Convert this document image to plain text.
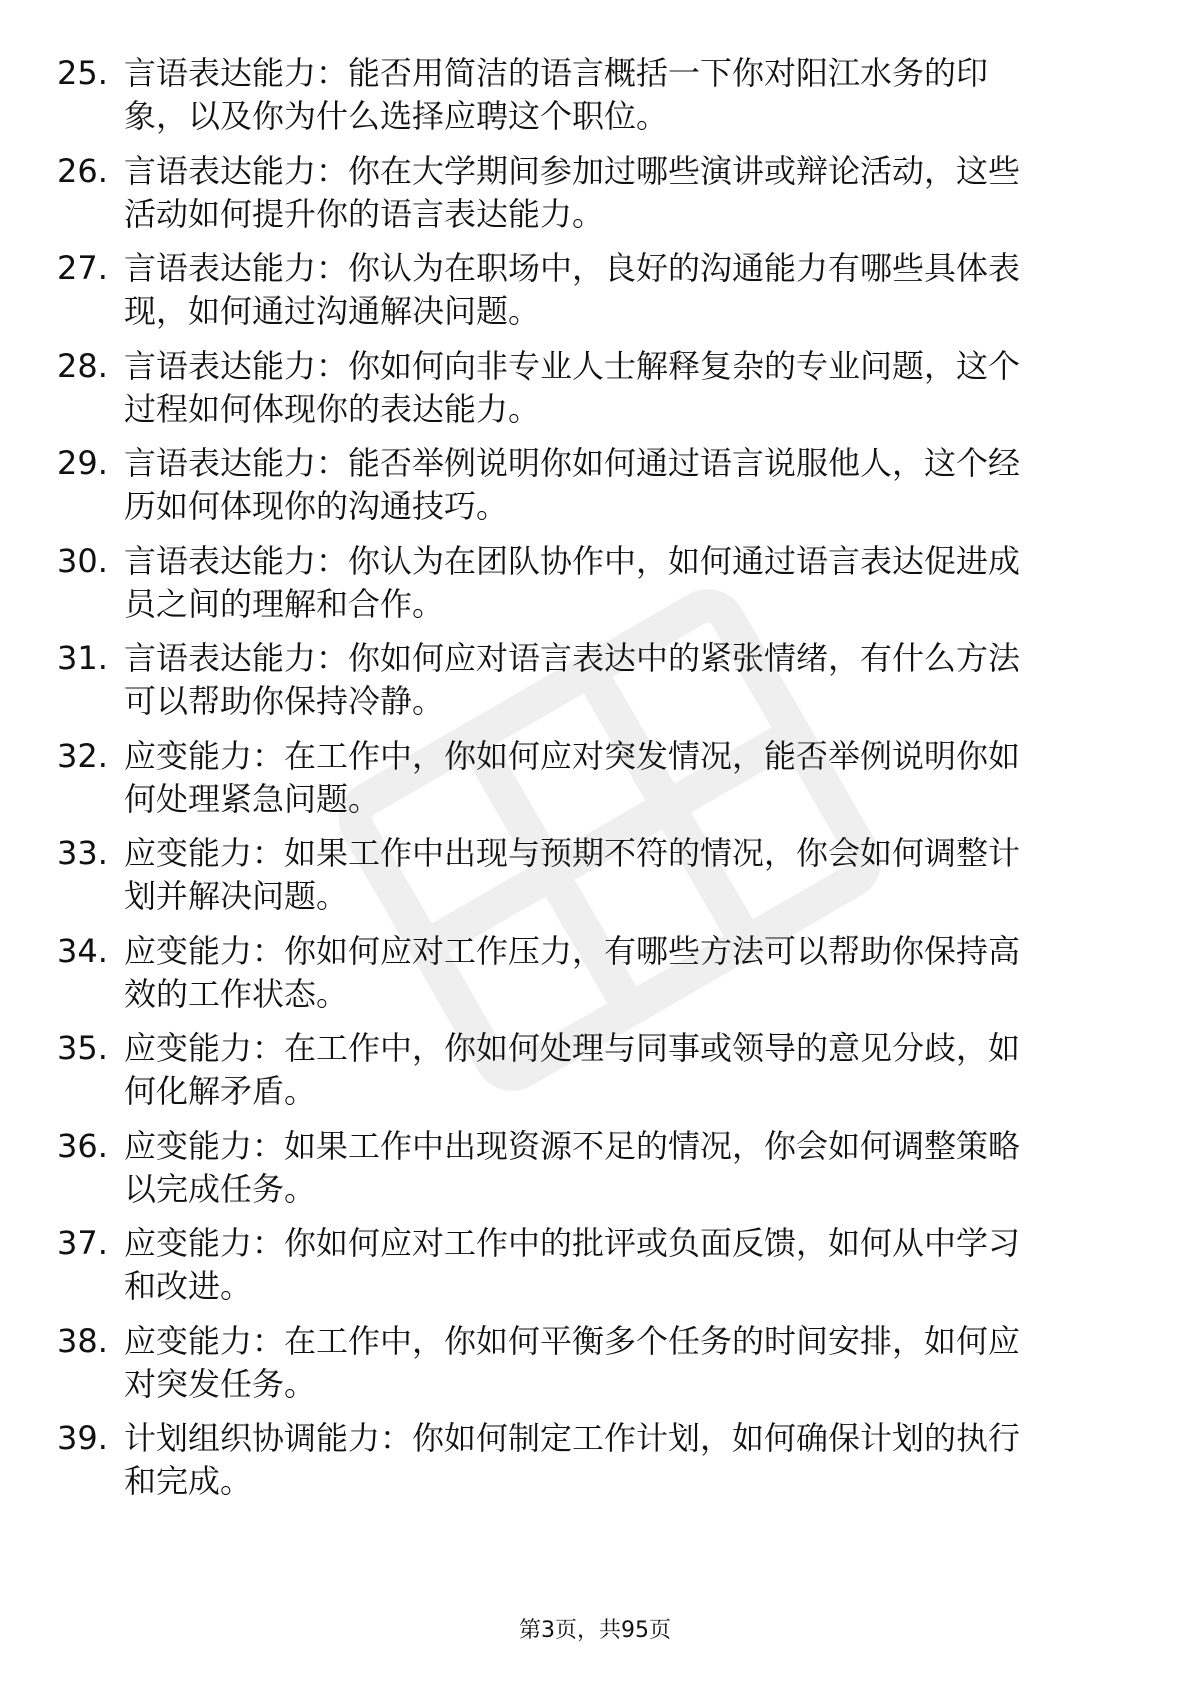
25. 言语表达能力：能否用简洁的语言概括一下你对阳江水务的印
象，以及你为什么选择应聘这个职位。
26. 言语表达能力：你在大学期间参加过哪些演讲或辩论活动，这些
活动如何提升你的语言表达能力。
27. 言语表达能力：你认为在职场中，良好的沟通能力有哪些具体表
现，如何通过沟通解决问题。
28. 言语表达能力：你如何向非专业人士解释复杂的专业问题，这个
过程如何体现你的表达能力。
29. 言语表达能力：能否举例说明你如何通过语言说服他人，这个经
历如何体现你的沟通技巧。
30. 言语表达能力：你认为在团队协作中，如何通过语言表达促进成
员之间的理解和合作。
31. 言语表达能力：你如何应对语言表达中的紧张情绪，有什么方法
可以帮助你保持冷静。
32. 应变能力：在工作中，你如何应对突发情况，能否举例说明你如
何处理紧急问题。
33. 应变能力：如果工作中出现与预期不符的情况，你会如何调整计
划并解决问题。
34. 应变能力：你如何应对工作压力，有哪些方法可以帮助你保持高
效的工作状态。
35. 应变能力：在工作中，你如何处理与同事或领导的意见分歧，如
何化解矛盾。
36. 应变能力：如果工作中出现资源不足的情况，你会如何调整策略
以完成任务。
37. 应变能力：你如何应对工作中的批评或负面反馈，如何从中学习
和改进。
38. 应变能力：在工作中，你如何平衡多个任务的时间安排，如何应
对突发任务。
39. 计划组织协调能力：你如何制定工作计划，如何确保计划的执行
和完成。
第3页，共95页
